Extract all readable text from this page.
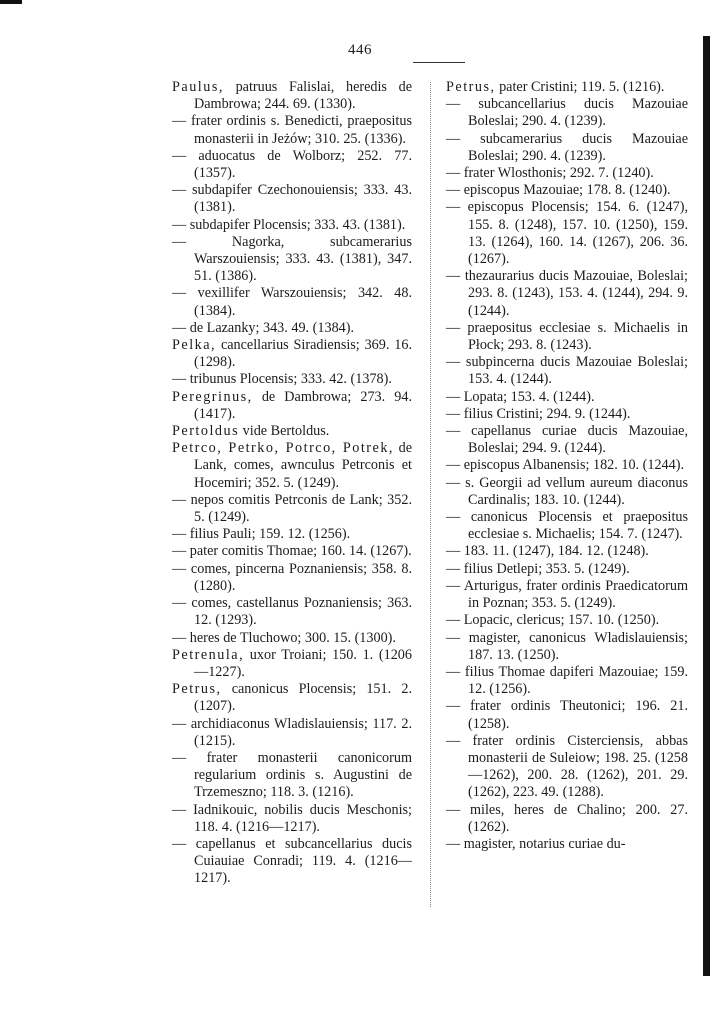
446

Paulus, patruus Falislai, heredis de Dambrowa; 244. 69. (1330).

— frater ordinis s. Benedicti, praepositus monasterii in Jeżów; 310. 25. (1336).

— aduocatus de Wolborz; 252. 77. (1357).

— subdapifer Czechonouiensis; 333. 43. (1381).

— subdapifer Plocensis; 333. 43. (1381).

— Nagorka, subcamerarius Warszouiensis; 333. 43. (1381), 347. 51. (1386).

— vexillifer Warszouiensis; 342. 48. (1384).

— de Lazanky; 343. 49. (1384).

Pelka, cancellarius Siradiensis; 369. 16. (1298).

— tribunus Plocensis; 333. 42. (1378).

Peregrinus, de Dambrowa; 273. 94. (1417).

Pertoldus vide Bertoldus.

Petrco, Petrko, Potrco, Potrek, de Lank, comes, awnculus Petrconis et Hocemiri; 352. 5. (1249).

— nepos comitis Petrconis de Lank; 352. 5. (1249).

— filius Pauli; 159. 12. (1256).

— pater comitis Thomae; 160. 14. (1267).

— comes, pincerna Poznaniensis; 358. 8. (1280).

— comes, castellanus Poznaniensis; 363. 12. (1293).

— heres de Tluchowo; 300. 15. (1300).

Petrenula, uxor Troiani; 150. 1. (1206—1227).

Petrus, canonicus Plocensis; 151. 2. (1207).

— archidiaconus Wladislauiensis; 117. 2. (1215).

— frater monasterii canonicorum regularium ordinis s. Augustini de Trzemeszno; 118. 3. (1216).

— Iadnikouic, nobilis ducis Meschonis; 118. 4. (1216—1217).

— capellanus et subcancellarius ducis Cuiauiae Conradi; 119. 4. (1216—1217).

Petrus, pater Cristini; 119. 5. (1216).

— subcancellarius ducis Mazouiae Boleslai; 290. 4. (1239).

— subcamerarius ducis Mazouiae Boleslai; 290. 4. (1239).

— frater Wlosthonis; 292. 7. (1240).

— episcopus Mazouiae; 178. 8. (1240).

— episcopus Plocensis; 154. 6. (1247), 155. 8. (1248), 157. 10. (1250), 159. 13. (1264), 160. 14. (1267), 206. 36. (1267).

— thezaurarius ducis Mazouiae, Boleslai; 293. 8. (1243), 153. 4. (1244), 294. 9. (1244).

— praepositus ecclesiae s. Michaelis in Płock; 293. 8. (1243).

— subpincerna ducis Mazouiae Boleslai; 153. 4. (1244).

— Lopata; 153. 4. (1244).

— filius Cristini; 294. 9. (1244).

— capellanus curiae ducis Mazouiae, Boleslai; 294. 9. (1244).

— episcopus Albanensis; 182. 10. (1244).

— s. Georgii ad vellum aureum diaconus Cardinalis; 183. 10. (1244).

— canonicus Plocensis et praepositus ecclesiae s. Michaelis; 154. 7. (1247).

— 183. 11. (1247), 184. 12. (1248).

— filius Detlepi; 353. 5. (1249).

— Arturigus, frater ordinis Praedicatorum in Poznan; 353. 5. (1249).

— Lopacic, clericus; 157. 10. (1250).

— magister, canonicus Wladislauiensis; 187. 13. (1250).

— filius Thomae dapiferi Mazouiae; 159. 12. (1256).

— frater ordinis Theutonici; 196. 21. (1258).

— frater ordinis Cisterciensis, abbas monasterii de Suleiow; 198. 25. (1258—1262), 200. 28. (1262), 201. 29. (1262), 223. 49. (1288).

— miles, heres de Chalino; 200. 27. (1262).

— magister, notarius curiae du-
